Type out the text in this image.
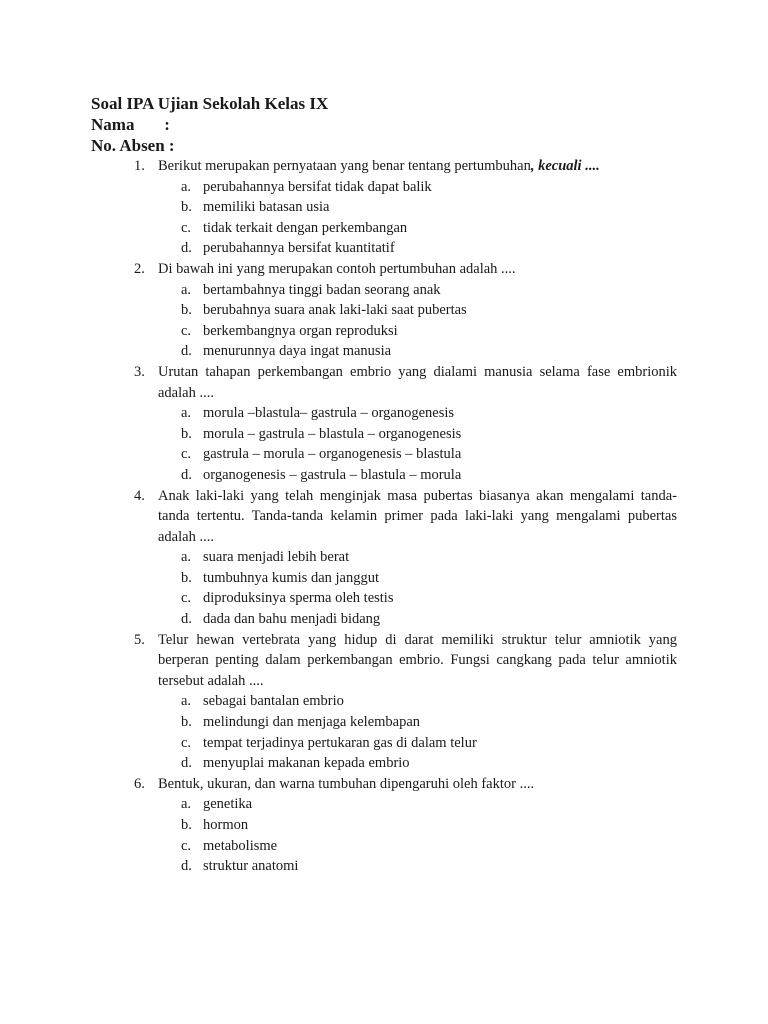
Soal IPA Ujian Sekolah Kelas IX
Nama       :
No. Absen :
1. Berikut merupakan pernyataan yang benar tentang pertumbuhan, kecuali ....
a. perubahannya bersifat tidak dapat balik
b. memiliki batasan usia
c. tidak terkait dengan perkembangan
d. perubahannya bersifat kuantitatif
2. Di bawah ini yang merupakan contoh pertumbuhan adalah ....
a. bertambahnya tinggi badan seorang anak
b. berubahnya suara anak laki-laki saat pubertas
c. berkembangnya organ reproduksi
d. menurunnya daya ingat manusia
3. Urutan tahapan perkembangan embrio yang dialami manusia selama fase embrionik adalah ....
a. morula –blastula– gastrula – organogenesis
b. morula – gastrula – blastula – organogenesis
c. gastrula – morula – organogenesis – blastula
d. organogenesis – gastrula – blastula – morula
4. Anak laki-laki yang telah menginjak masa pubertas biasanya akan mengalami tanda-tanda tertentu. Tanda-tanda kelamin primer pada laki-laki yang mengalami pubertas adalah ....
a. suara menjadi lebih berat
b. tumbuhnya kumis dan janggut
c. diproduksinya sperma oleh testis
d. dada dan bahu menjadi bidang
5. Telur hewan vertebrata yang hidup di darat memiliki struktur telur amniotik yang berperan penting dalam perkembangan embrio. Fungsi cangkang pada telur amniotik tersebut adalah ....
a. sebagai bantalan embrio
b. melindungi dan menjaga kelembapan
c. tempat terjadinya pertukaran gas di dalam telur
d. menyuplai makanan kepada embrio
6. Bentuk, ukuran, dan warna tumbuhan dipengaruhi oleh faktor ....
a. genetika
b. hormon
c. metabolisme
d. struktur anatomi
